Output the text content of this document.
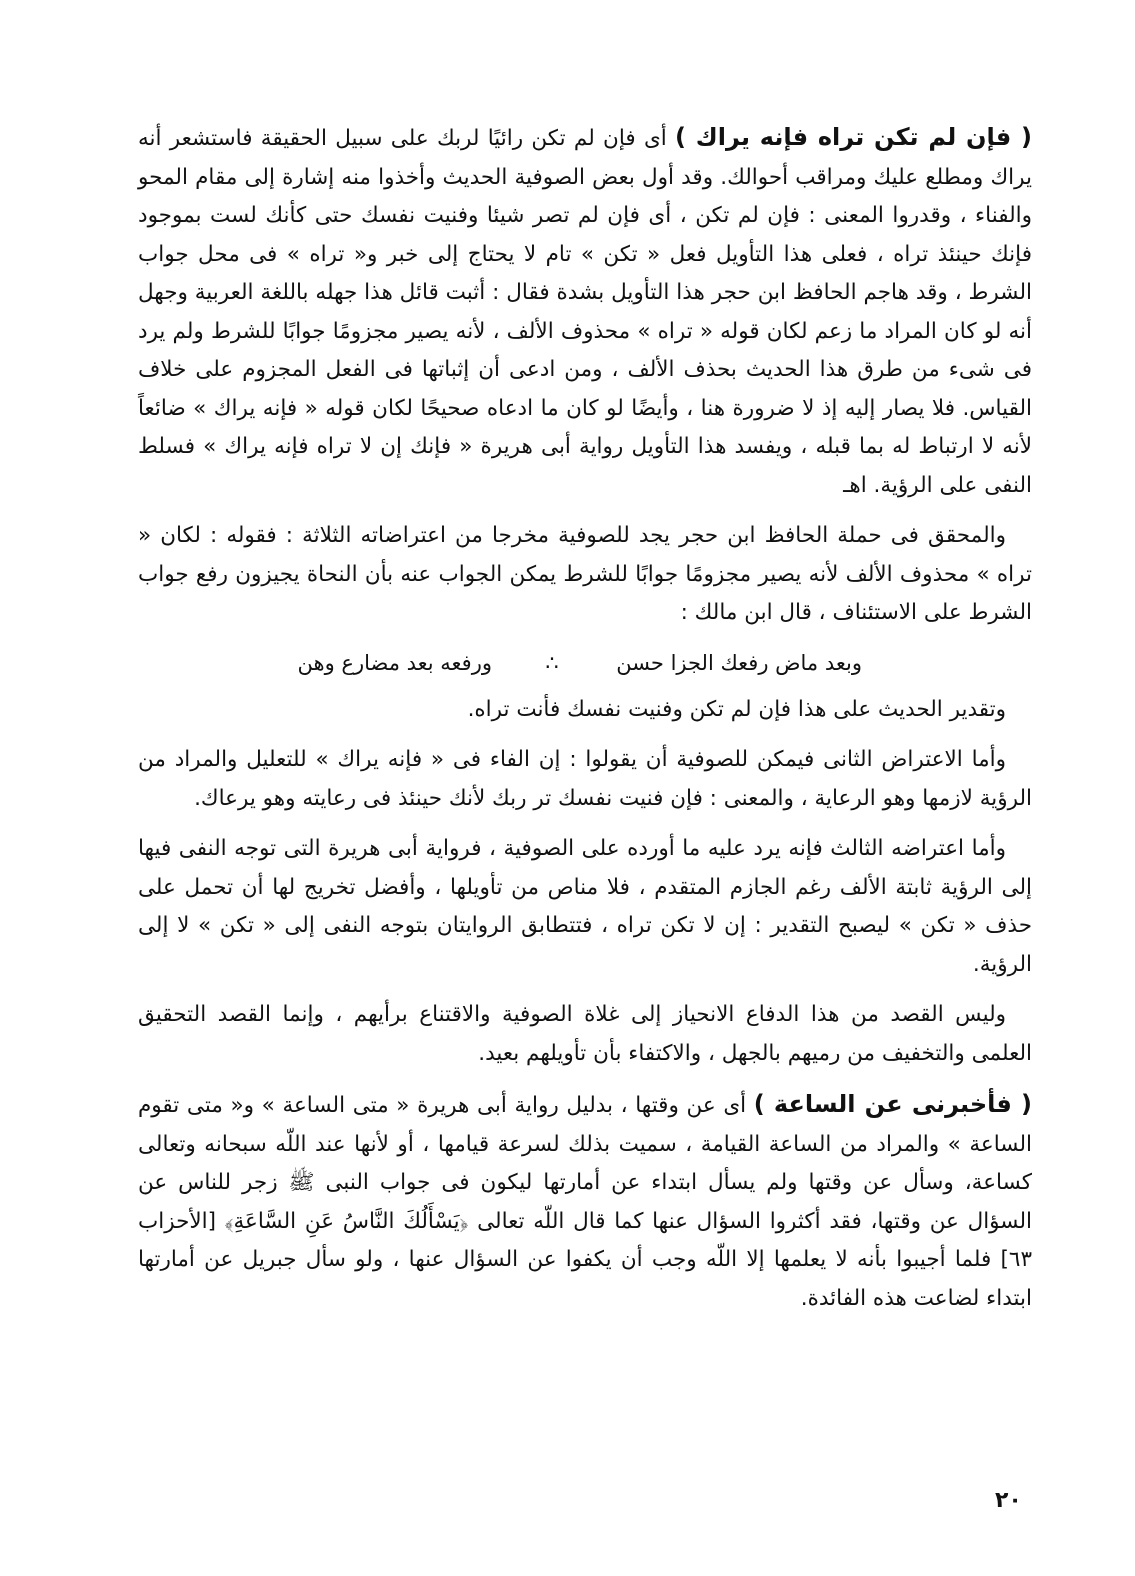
( فإن لم تكن تراه فإنه يراك ) أى فإن لم تكن رائيًا لربك على سبيل الحقيقة فاستشعر أنه يراك ومطلع عليك ومراقب أحوالك. وقد أول بعض الصوفية الحديث وأخذوا منه إشارة إلى مقام المحو والفناء ، وقدروا المعنى : فإن لم تكن ، أى فإن لم تصر شيئا وفنيت نفسك حتى كأنك لست بموجود فإنك حينئذ تراه ، فعلى هذا التأويل فعل « تكن » تام لا يحتاج إلى خبر و« تراه » فى محل جواب الشرط ، وقد هاجم الحافظ ابن حجر هذا التأويل بشدة فقال : أثبت قائل هذا جهله باللغة العربية وجهل أنه لو كان المراد ما زعم لكان قوله « تراه » محذوف الألف ، لأنه يصير مجزومًا جوابًا للشرط ولم يرد فى شىء من طرق هذا الحديث بحذف الألف ، ومن ادعى أن إثباتها فى الفعل المجزوم على خلاف القياس. فلا يصار إليه إذ لا ضرورة هنا ، وأيضًا لو كان ما ادعاه صحيحًا لكان قوله « فإنه يراك » ضائعاً لأنه لا ارتباط له بما قبله ، ويفسد هذا التأويل رواية أبى هريرة « فإنك إن لا تراه فإنه يراك » فسلط النفى على الرؤية. اهـ

والمحقق فى حملة الحافظ ابن حجر يجد للصوفية مخرجا من اعتراضاته الثلاثة : فقوله : لكان « تراه » محذوف الألف لأنه يصير مجزومًا جوابًا للشرط يمكن الجواب عنه بأن النحاة يجيزون رفع جواب الشرط على الاستئناف ، قال ابن مالك :

وبعد ماض رفعك الجزا حسن
∴
ورفعه بعد مضارع وهن

وتقدير الحديث على هذا فإن لم تكن وفنيت نفسك فأنت تراه.

وأما الاعتراض الثانى فيمكن للصوفية أن يقولوا : إن الفاء فى « فإنه يراك » للتعليل والمراد من الرؤية لازمها وهو الرعاية ، والمعنى : فإن فنيت نفسك تر ربك لأنك حينئذ فى رعايته وهو يرعاك.

وأما اعتراضه الثالث فإنه يرد عليه ما أورده على الصوفية ، فرواية أبى هريرة التى توجه النفى فيها إلى الرؤية ثابتة الألف رغم الجازم المتقدم ، فلا مناص من تأويلها ، وأفضل تخريج لها أن تحمل على حذف « تكن » ليصبح التقدير : إن لا تكن تراه ، فتتطابق الروايتان بتوجه النفى إلى « تكن » لا إلى الرؤية.

وليس القصد من هذا الدفاع الانحياز إلى غلاة الصوفية والاقتناع برأيهم ، وإنما القصد التحقيق العلمى والتخفيف من رميهم بالجهل ، والاكتفاء بأن تأويلهم بعيد.

( فأخبرنى عن الساعة ) أى عن وقتها ، بدليل رواية أبى هريرة « متى الساعة » و« متى تقوم الساعة » والمراد من الساعة القيامة ، سميت بذلك لسرعة قيامها ، أو لأنها عند اللّه سبحانه وتعالى كساعة، وسأل عن وقتها ولم يسأل ابتداء عن أمارتها ليكون فى جواب النبى ﷺ زجر للناس عن السؤال عن وقتها، فقد أكثروا السؤال عنها كما قال اللّه تعالى ﴿يَسْأَلُكَ النَّاسُ عَنِ السَّاعَةِ﴾ [الأحزاب ٦٣] فلما أجيبوا بأنه لا يعلمها إلا اللّه وجب أن يكفوا عن السؤال عنها ، ولو سأل جبريل عن أمارتها ابتداء لضاعت هذه الفائدة.

٢٠
